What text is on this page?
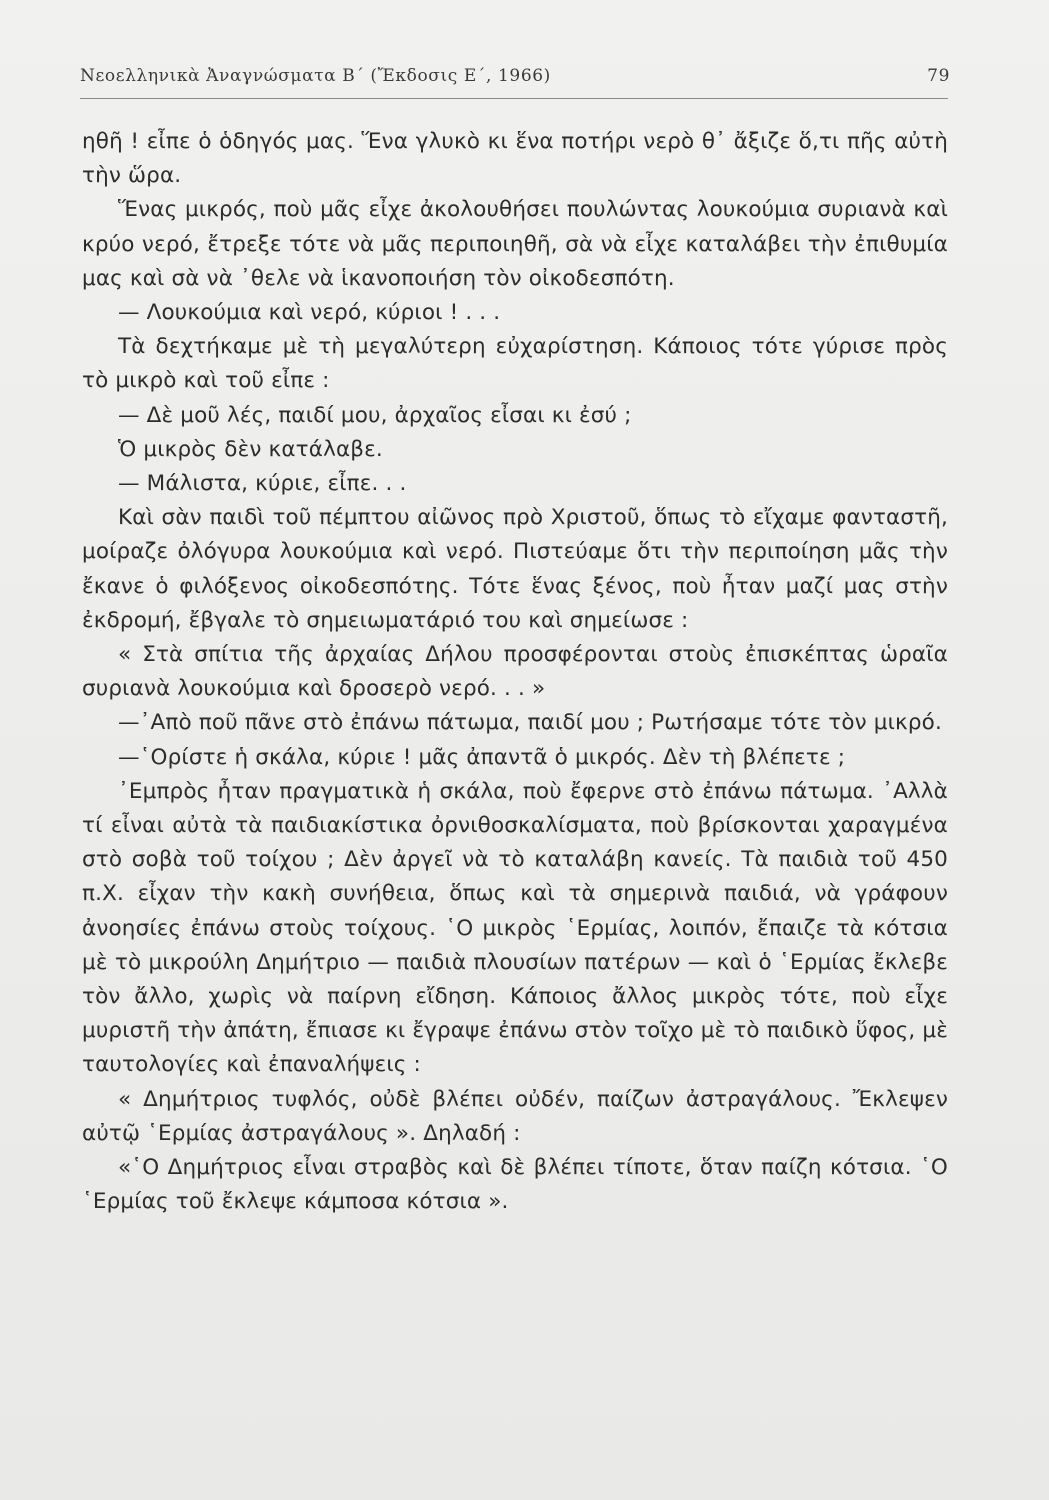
Νεοελληνικὰ Ἀναγνώσματα Β΄ (Ἔκδοσις Ε΄, 1966)	79

ηθῆ ! εἶπε ὁ ὁδηγός μας. Ἕνα γλυκὸ κι ἕνα ποτήρι νερὸ θ᾿ ἄξιζε ὅ,τι πῆς αὐτὴ τὴν ὥρα.

Ἕνας μικρός, ποὺ μᾶς εἶχε ἀκολουθήσει πουλώντας λουκούμια συριανὰ καὶ κρύο νερό, ἔτρεξε τότε νὰ μᾶς περιποιηθῆ, σὰ νὰ εἶχε καταλάβει τὴν ἐπιθυμία μας καὶ σὰ νὰ ᾿θελε νὰ ἱκανοποιήση τὸν οἰκοδεσπότη.

— Λουκούμια καὶ νερό, κύριοι ! . . .

Τὰ δεχτήκαμε μὲ τὴ μεγαλύτερη εὐχαρίστηση. Κάποιος τότε γύρισε πρὸς τὸ μικρὸ καὶ τοῦ εἶπε :

— Δὲ μοῦ λές, παιδί μου, ἀρχαῖος εἶσαι κι ἐσύ ;

Ὁ μικρὸς δὲν κατάλαβε.

— Μάλιστα, κύριε, εἶπε. . .

Καὶ σὰν παιδὶ τοῦ πέμπτου αἰῶνος πρὸ Χριστοῦ, ὅπως τὸ εἴχαμε φανταστῆ, μοίραζε ὀλόγυρα λουκούμια καὶ νερό. Πιστεύαμε ὅτι τὴν περιποίηση μᾶς τὴν ἔκανε ὁ φιλόξενος οἰκοδεσπότης. Τότε ἕνας ξένος, ποὺ ἦταν μαζί μας στὴν ἐκδρομή, ἔβγαλε τὸ σημειωματάριό του καὶ σημείωσε :

« Στὰ σπίτια τῆς ἀρχαίας Δήλου προσφέρονται στοὺς ἐπισκέπτας ὡραῖα συριανὰ λουκούμια καὶ δροσερὸ νερό. . . »

—᾿Απὸ ποῦ πᾶνε στὸ ἐπάνω πάτωμα, παιδί μου ; Ρωτήσαμε τότε τὸν μικρό.

—῾Ορίστε ἡ σκάλα, κύριε ! μᾶς ἀπαντᾶ ὁ μικρός. Δὲν τὴ βλέπετε ;

᾿Εμπρὸς ἦταν πραγματικὰ ἡ σκάλα, ποὺ ἔφερνε στὸ ἐπάνω πάτωμα. ᾿Αλλὰ τί εἶναι αὐτὰ τὰ παιδιακίστικα ὀρνιθοσκαλίσματα, ποὺ βρίσκονται χαραγμένα στὸ σοβὰ τοῦ τοίχου ; Δὲν ἀργεῖ νὰ τὸ καταλάβη κανείς. Τὰ παιδιὰ τοῦ 450 π.Χ. εἶχαν τὴν κακὴ συνήθεια, ὅπως καὶ τὰ σημερινὰ παιδιά, νὰ γράφουν ἀνοησίες ἐπάνω στοὺς τοίχους. ῾Ο μικρὸς ῾Ερμίας, λοιπόν, ἔπαιζε τὰ κότσια μὲ τὸ μικρούλη Δημήτριο — παιδιὰ πλουσίων πατέρων — καὶ ὁ ῾Ερμίας ἔκλεβε τὸν ἄλλο, χωρὶς νὰ παίρνη εἴδηση. Κάποιος ἄλλος μικρὸς τότε, ποὺ εἶχε μυριστῆ τὴν ἀπάτη, ἔπιασε κι ἔγραψε ἐπάνω στὸν τοῖχο μὲ τὸ παιδικὸ ὕφος, μὲ ταυτολογίες καὶ ἐπαναλήψεις :

« Δημήτριος τυφλός, οὐδὲ βλέπει οὐδέν, παίζων ἀστραγάλους. Ἔκλεψεν αὐτῷ ῾Ερμίας ἀστραγάλους ». Δηλαδή :

«῾Ο Δημήτριος εἶναι στραβὸς καὶ δὲ βλέπει τίποτε, ὅταν παίζη κότσια. ῾Ο ῾Ερμίας τοῦ ἔκλεψε κάμποσα κότσια ».
